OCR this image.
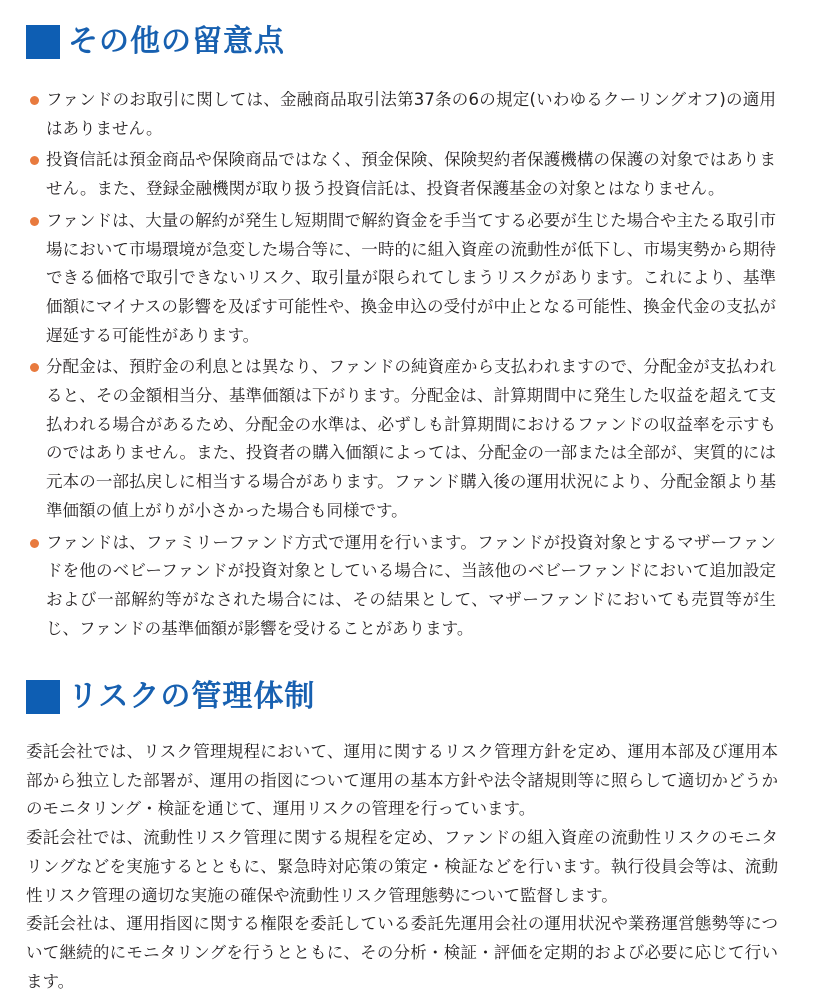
その他の留意点
ファンドのお取引に関しては、金融商品取引法第37条の6の規定(いわゆるクーリングオフ)の適用はありません。
投資信託は預金商品や保険商品ではなく、預金保険、保険契約者保護機構の保護の対象ではありません。また、登録金融機関が取り扱う投資信託は、投資者保護基金の対象とはなりません。
ファンドは、大量の解約が発生し短期間で解約資金を手当てする必要が生じた場合や主たる取引市場において市場環境が急変した場合等に、一時的に組入資産の流動性が低下し、市場実勢から期待できる価格で取引できないリスク、取引量が限られてしまうリスクがあります。これにより、基準価額にマイナスの影響を及ぼす可能性や、換金申込の受付が中止となる可能性、換金代金の支払が遅延する可能性があります。
分配金は、預貯金の利息とは異なり、ファンドの純資産から支払われますので、分配金が支払われると、その金額相当分、基準価額は下がります。分配金は、計算期間中に発生した収益を超えて支払われる場合があるため、分配金の水準は、必ずしも計算期間におけるファンドの収益率を示すものではありません。また、投資者の購入価額によっては、分配金の一部または全部が、実質的には元本の一部払戻しに相当する場合があります。ファンド購入後の運用状況により、分配金額より基準価額の値上がりが小さかった場合も同様です。
ファンドは、ファミリーファンド方式で運用を行います。ファンドが投資対象とするマザーファンドを他のベビーファンドが投資対象としている場合に、当該他のベビーファンドにおいて追加設定および一部解約等がなされた場合には、その結果として、マザーファンドにおいても売買等が生じ、ファンドの基準価額が影響を受けることがあります。
リスクの管理体制

委託会社では、リスク管理規程において、運用に関するリスク管理方針を定め、運用本部及び運用本部から独立した部署が、運用の指図について運用の基本方針や法令諸規則等に照らして適切かどうかのモニタリング・検証を通じて、運用リスクの管理を行っています。

委託会社では、流動性リスク管理に関する規程を定め、ファンドの組入資産の流動性リスクのモニタリングなどを実施するとともに、緊急時対応策の策定・検証などを行います。執行役員会等は、流動性リスク管理の適切な実施の確保や流動性リスク管理態勢について監督します。

委託会社は、運用指図に関する権限を委託している委託先運用会社の運用状況や業務運営態勢等について継続的にモニタリングを行うとともに、その分析・検証・評価を定期的および必要に応じて行います。
